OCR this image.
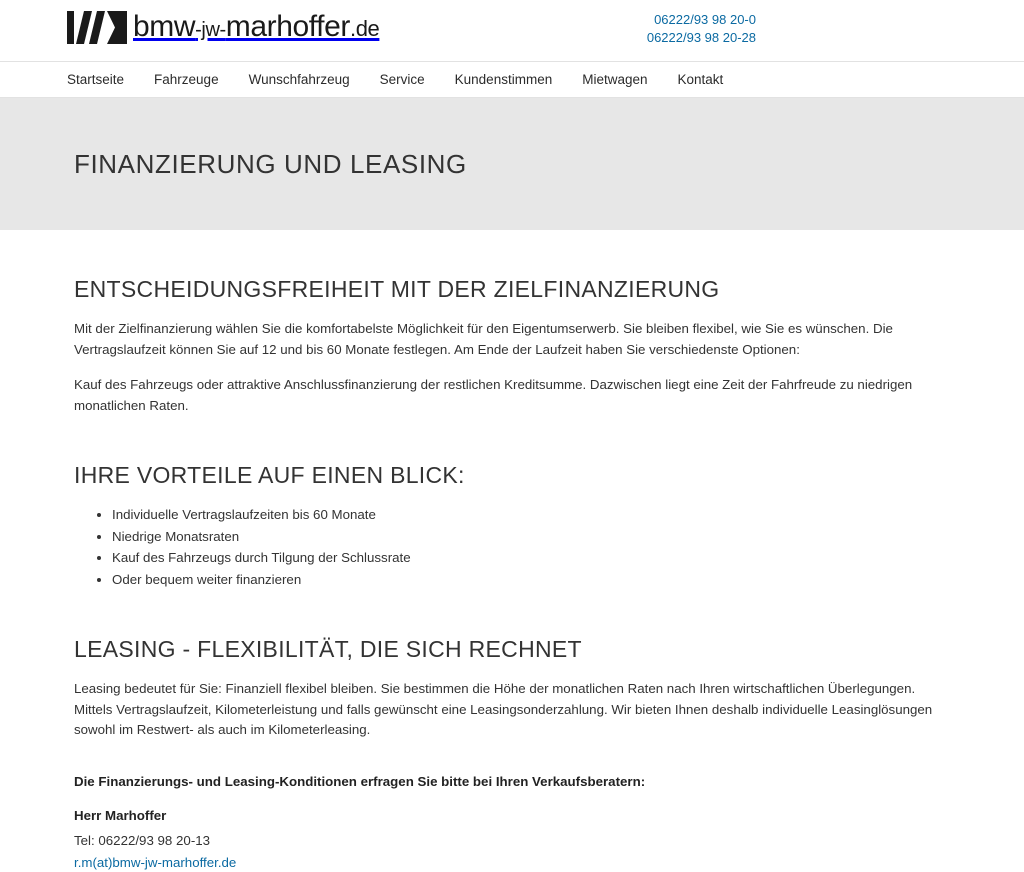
bmw-jw-marhoffer.de	06222/93 98 20-0
06222/93 98 20-28
Startseite	Fahrzeuge	Wunschfahrzeug	Service	Kundenstimmen	Mietwagen	Kontakt
FINANZIERUNG UND LEASING
ENTSCHEIDUNGSFREIHEIT MIT DER ZIELFINANZIERUNG

Mit der Zielfinanzierung wählen Sie die komfortabelste Möglichkeit für den Eigentumserwerb. Sie bleiben flexibel, wie Sie es wünschen. Die Vertragslaufzeit können Sie auf 12 und bis 60 Monate festlegen. Am Ende der Laufzeit haben Sie verschiedenste Optionen:

Kauf des Fahrzeugs oder attraktive Anschlussfinanzierung der restlichen Kreditsumme. Dazwischen liegt eine Zeit der Fahrfreude zu niedrigen monatlichen Raten.

IHRE VORTEILE AUF EINEN BLICK:
• Individuelle Vertragslaufzeiten bis 60 Monate
• Niedrige Monatsraten
• Kauf des Fahrzeugs durch Tilgung der Schlussrate
• Oder bequem weiter finanzieren
LEASING - FLEXIBILITÄT, DIE SICH RECHNET

Leasing bedeutet für Sie: Finanziell flexibel bleiben. Sie bestimmen die Höhe der monatlichen Raten nach Ihren wirtschaftlichen Überlegungen. Mittels Vertragslaufzeit, Kilometerleistung und falls gewünscht eine Leasingsonderzahlung. Wir bieten Ihnen deshalb individuelle Leasinglösungen sowohl im Restwert- als auch im Kilometerleasing.

Die Finanzierungs- und Leasing-Konditionen erfragen Sie bitte bei Ihren Verkaufsberatern:

Herr Marhoffer

Tel: 06222/93 98 20-13

r.m(at)bmw-jw-marhoffer.de
